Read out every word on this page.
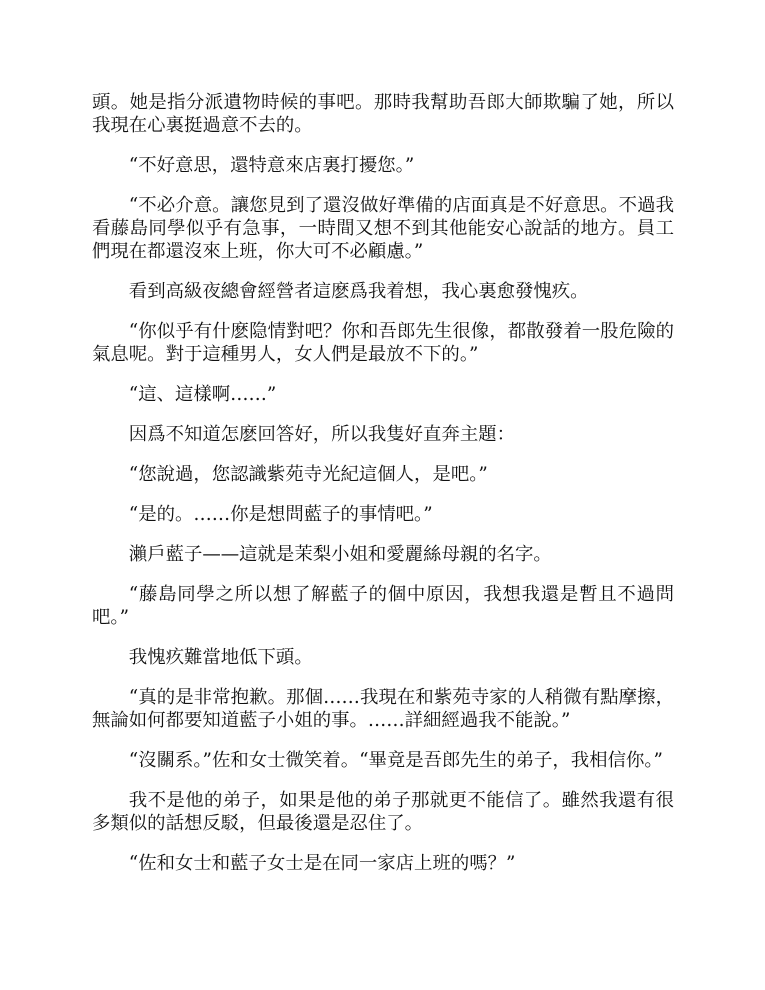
頭。她是指分派遺物時候的事吧。那時我幫助吾郎大師欺騙了她，所以我現在心裏挺過意不去的。

“不好意思，還特意來店裏打擾您。”

“不必介意。讓您見到了還沒做好準備的店面真是不好意思。不過我看藤島同學似乎有急事，一時間又想不到其他能安心說話的地方。員工們現在都還沒來上班，你大可不必顧慮。”

看到高級夜總會經營者這麽爲我着想，我心裏愈發愧疚。

“你似乎有什麽隐情對吧？你和吾郎先生很像，都散發着一股危險的氣息呢。對于這種男人，女人們是最放不下的。”

“這、這樣啊……”

因爲不知道怎麽回答好，所以我隻好直奔主題：

“您說過，您認識紫苑寺光紀這個人，是吧。”

“是的。……你是想問藍子的事情吧。”

瀨戶藍子——這就是茉梨小姐和愛麗絲母親的名字。

“藤島同學之所以想了解藍子的個中原因，我想我還是暫且不過問吧。”

我愧疚難當地低下頭。

“真的是非常抱歉。那個……我現在和紫苑寺家的人稍微有點摩擦，無論如何都要知道藍子小姐的事。……詳細經過我不能說。”

“沒關系。”佐和女士微笑着。“畢竟是吾郎先生的弟子，我相信你。”

我不是他的弟子，如果是他的弟子那就更不能信了。雖然我還有很多類似的話想反駁，但最後還是忍住了。

“佐和女士和藍子女士是在同一家店上班的嗎？”
